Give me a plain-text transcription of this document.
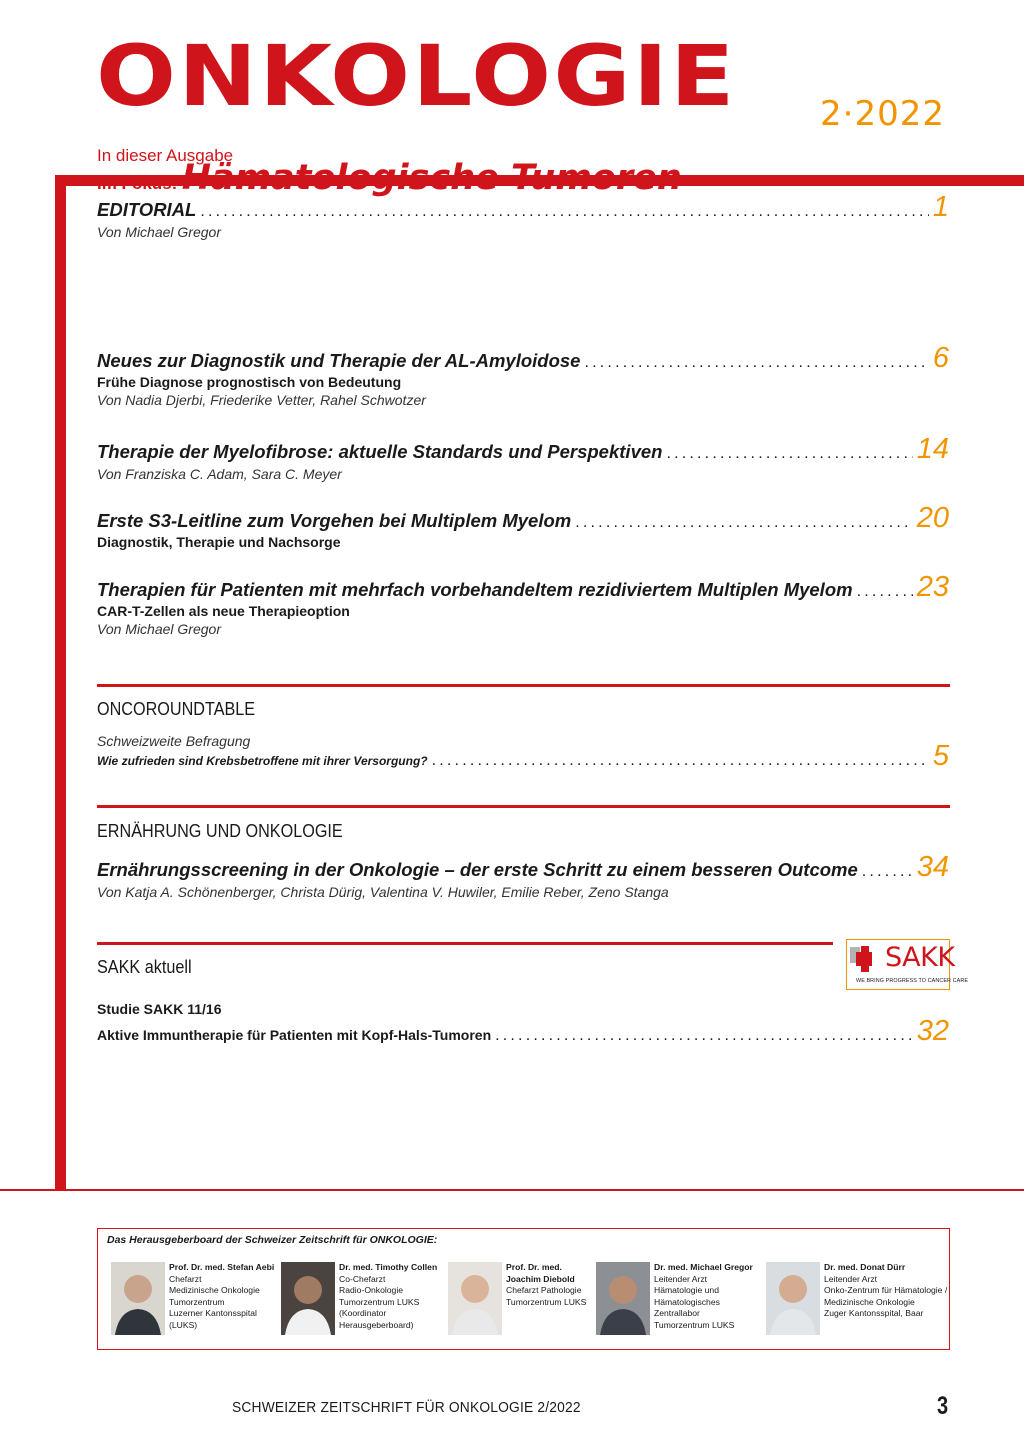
ONKOLOGIE 2·2022
In dieser Ausgabe
Im Fokus: Hämatologische Tumoren
EDITORIAL .....	1
Von Michael Gregor
Neues zur Diagnostik und Therapie der AL-Amyloidose .....	6
Frühe Diagnose prognostisch von Bedeutung
Von Nadia Djerbi, Friederike Vetter, Rahel Schwotzer
Therapie der Myelofibrose: aktuelle Standards und Perspektiven .....	14
Von Franziska C. Adam, Sara C. Meyer
Erste S3-Leitline zum Vorgehen bei Multiplem Myelom .....	20
Diagnostik, Therapie und Nachsorge
Therapien für Patienten mit mehrfach vorbehandeltem rezidiviertem Multiplen Myelom ..... 23
CAR-T-Zellen als neue Therapieoption
Von Michael Gregor
ONCOROUNDTABLE
Schweizweite Befragung
Wie zufrieden sind Krebsbetroffene mit ihrer Versorgung? .....	5
ERNÄHRUNG UND ONKOLOGIE
Ernährungsscreening in der Onkologie – der erste Schritt zu einem besseren Outcome ..... 34
Von Katja A. Schönenberger, Christa Dürig, Valentina V. Huwiler, Emilie Reber, Zeno Stanga
SAKK aktuell	SAKK
WE BRING PROGRESS TO CANCER CARE
Studie SAKK 11/16
Aktive Immuntherapie für Patienten mit Kopf-Hals-Tumoren .....	32
Das Herausgeberboard der Schweizer Zeitschrift für ONKOLOGIE:
Prof. Dr. med. Stefan Aebi
Chefarzt
Medizinische Onkologie
Tumorzentrum
Luzerner Kantonsspital
(LUKS)
Dr. med. Timothy Collen
Co-Chefarzt
Radio-Onkologie
Tumorzentrum LUKS
(Koordinator
Herausgeberboard)
Prof. Dr. med.
Joachim Diebold
Chefarzt Pathologie
Tumorzentrum LUKS
Dr. med. Michael Gregor
Leitender Arzt
Hämatologie und
Hämatologisches
Zentrallabor
Tumorzentrum LUKS
Dr. med. Donat Dürr
Leitender Arzt
Onko-Zentrum für Hämatologie /
Medizinische Onkologie
Zuger Kantonsspital, Baar
SCHWEIZER ZEITSCHRIFT FÜR ONKOLOGIE 2/2022	3
